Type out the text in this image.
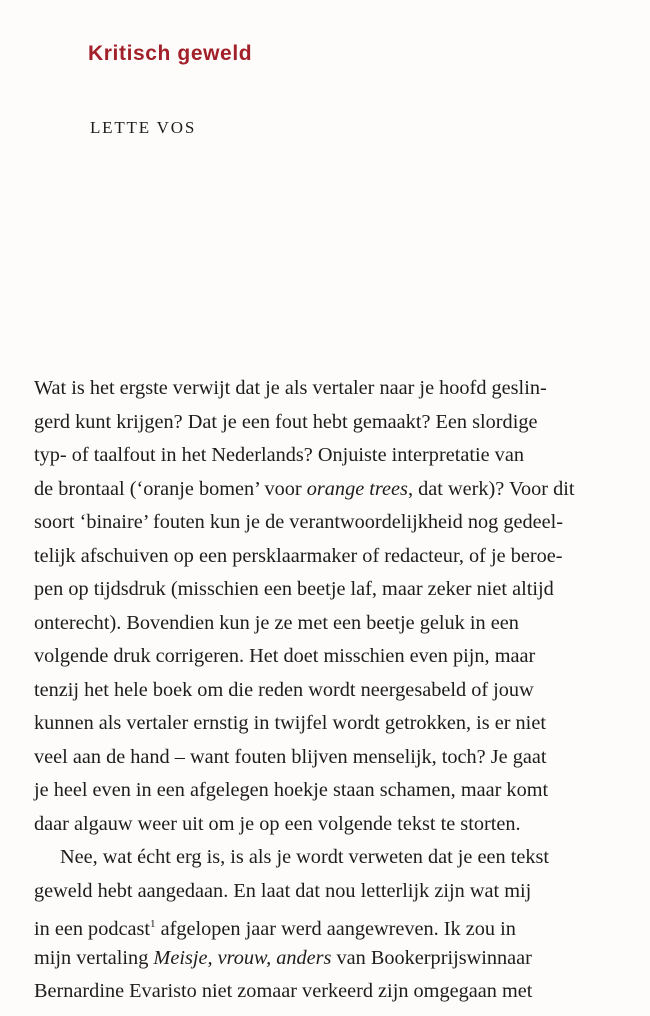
Kritisch geweld
LETTE VOS
Wat is het ergste verwijt dat je als vertaler naar je hoofd geslin-
gerd kunt krijgen? Dat je een fout hebt gemaakt? Een slordige
typ- of taalfout in het Nederlands? Onjuiste interpretatie van
de brontaal (‘oranje bomen’ voor orange trees, dat werk)? Voor dit
soort ‘binaire’ fouten kun je de verantwoordelijkheid nog gedeel-
telijk afschuiven op een persklaarmaker of redacteur, of je beroe-
pen op tijdsdruk (misschien een beetje laf, maar zeker niet altijd
onterecht). Bovendien kun je ze met een beetje geluk in een
volgende druk corrigeren. Het doet misschien even pijn, maar
tenzij het hele boek om die reden wordt neergesabeld of jouw
kunnen als vertaler ernstig in twijfel wordt getrokken, is er niet
veel aan de hand – want fouten blijven menselijk, toch? Je gaat
je heel even in een afgelegen hoekje staan schamen, maar komt
daar algauw weer uit om je op een volgende tekst te storten.
Nee, wat écht erg is, is als je wordt verweten dat je een tekst
geweld hebt aangedaan. En laat dat nou letterlijk zijn wat mij
in een podcast$^1$ afgelopen jaar werd aangewreven. Ik zou in
mijn vertaling Meisje, vrouw, anders van Bookerprijswinnaar
Bernardine Evaristo niet zomaar verkeerd zijn omgegaan met
